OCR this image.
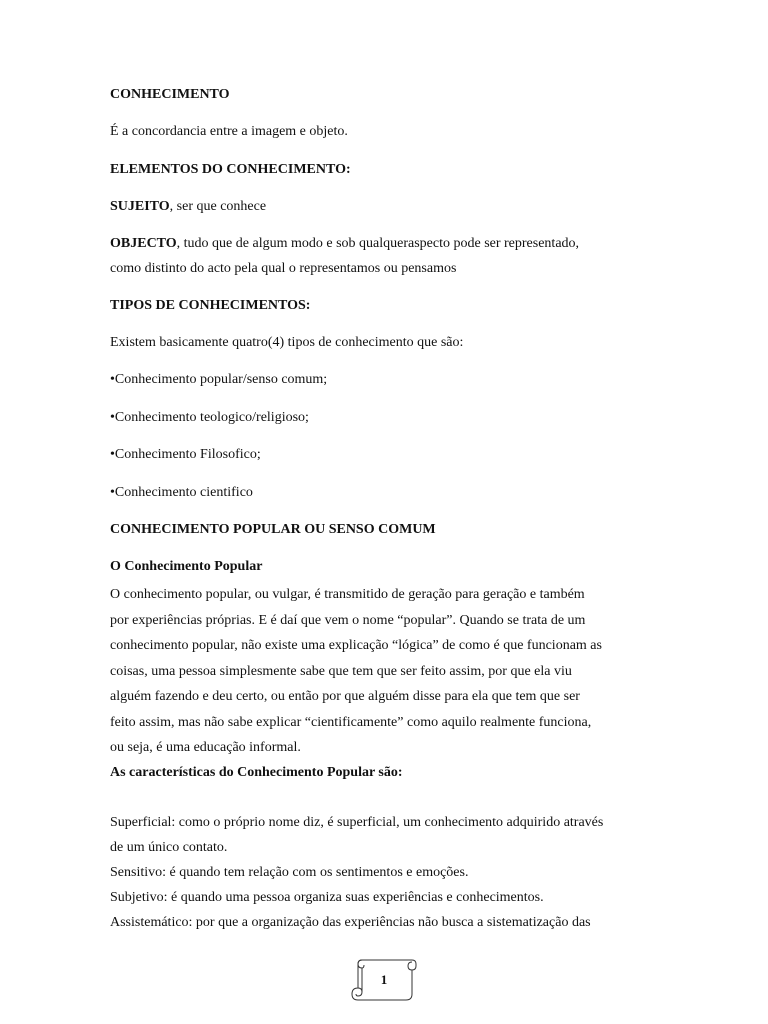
CONHECIMENTO
É a concordancia entre a imagem e objeto.
ELEMENTOS DO CONHECIMENTO:
SUJEITO, ser que conhece
OBJECTO, tudo que de algum modo e sob qualqueraspecto pode ser representado,
como distinto do acto pela qual o representamos ou pensamos
TIPOS DE CONHECIMENTOS:
Existem basicamente quatro(4) tipos de conhecimento que são:
•Conhecimento popular/senso comum;
•Conhecimento teologico/religioso;
•Conhecimento Filosofico;
•Conhecimento cientifico
CONHECIMENTO POPULAR OU SENSO COMUM
O Conhecimento Popular
O conhecimento popular, ou vulgar, é transmitido de geração para geração e também
por experiências próprias. E é daí que vem o nome “popular”. Quando se trata de um
conhecimento popular, não existe uma explicação “lógica” de como é que funcionam as
coisas, uma pessoa simplesmente sabe que tem que ser feito assim, por que ela viu
alguém fazendo e deu certo, ou então por que alguém disse para ela que tem que ser
feito assim, mas não sabe explicar “cientificamente” como aquilo realmente funciona,
ou seja, é uma educação informal.
As características do Conhecimento Popular são:
Superficial: como o próprio nome diz, é superficial, um conhecimento adquirido através
de um único contato.
Sensitivo: é quando tem relação com os sentimentos e emoções.
Subjetivo: é quando uma pessoa organiza suas experiências e conhecimentos.
Assistemático: por que a organização das experiências não busca a sistematização das
1
